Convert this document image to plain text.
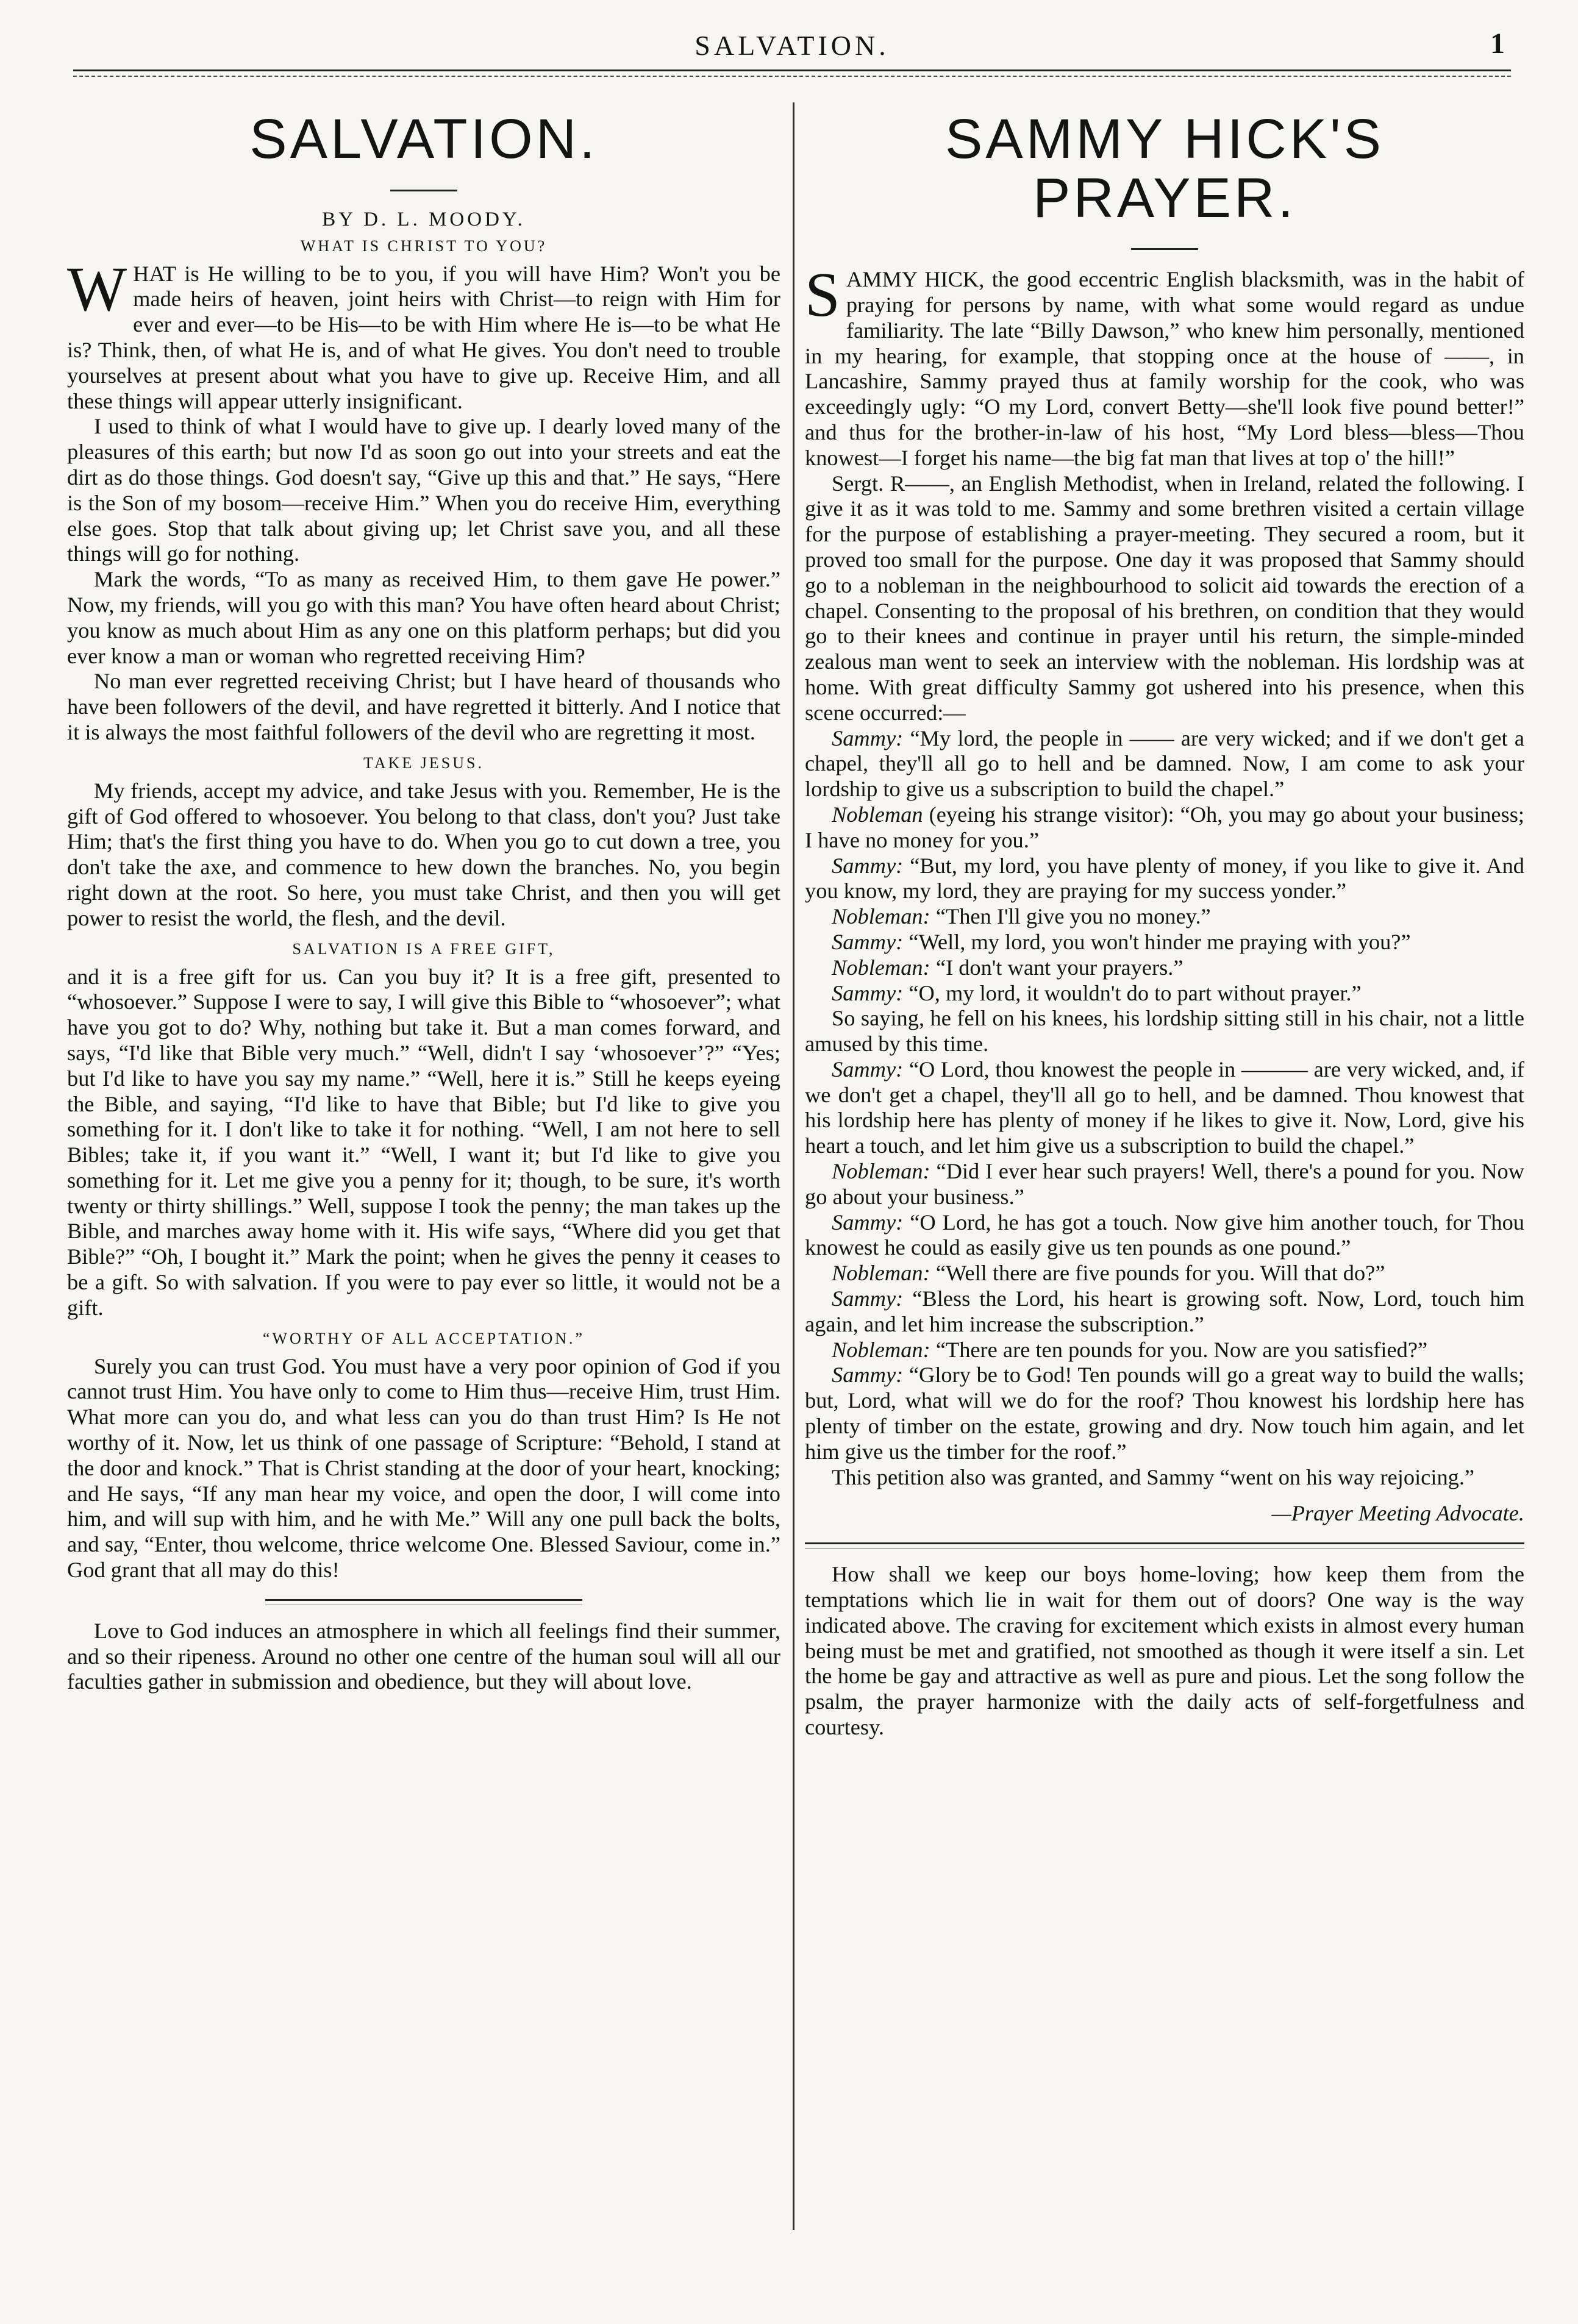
SALVATION.	1
SALVATION.
BY D. L. MOODY.
WHAT IS CHRIST TO YOU?

WHAT is He willing to be to you, if you will have Him? Won't you be made heirs of heaven, joint heirs with Christ—to reign with Him for ever and ever—to be His—to be with Him where He is—to be what He is? Think, then, of what He is, and of what He gives. You don't need to trouble yourselves at present about what you have to give up. Receive Him, and all these things will appear utterly insignificant.

I used to think of what I would have to give up. I dearly loved many of the pleasures of this earth; but now I'd as soon go out into your streets and eat the dirt as do those things. God doesn't say, “Give up this and that.” He says, “Here is the Son of my bosom—receive Him.” When you do receive Him, everything else goes. Stop that talk about giving up; let Christ save you, and all these things will go for nothing.

Mark the words, “To as many as received Him, to them gave He power.” Now, my friends, will you go with this man? You have often heard about Christ; you know as much about Him as any one on this platform perhaps; but did you ever know a man or woman who regretted receiving Him?

No man ever regretted receiving Christ; but I have heard of thousands who have been followers of the devil, and have regretted it bitterly. And I notice that it is always the most faithful followers of the devil who are regretting it most.

TAKE JESUS.

My friends, accept my advice, and take Jesus with you. Remember, He is the gift of God offered to whosoever. You belong to that class, don't you? Just take Him; that's the first thing you have to do. When you go to cut down a tree, you don't take the axe, and commence to hew down the branches. No, you begin right down at the root. So here, you must take Christ, and then you will get power to resist the world, the flesh, and the devil.

SALVATION IS A FREE GIFT,

and it is a free gift for us. Can you buy it? It is a free gift, presented to “whosoever.” Suppose I were to say, I will give this Bible to “whosoever”; what have you got to do? Why, nothing but take it. But a man comes forward, and says, “I'd like that Bible very much.” “Well, didn't I say ‘whosoever’?” “Yes; but I'd like to have you say my name.” “Well, here it is.” Still he keeps eyeing the Bible, and saying, “I'd like to have that Bible; but I'd like to give you something for it. I don't like to take it for nothing. “Well, I am not here to sell Bibles; take it, if you want it.” “Well, I want it; but I'd like to give you something for it. Let me give you a penny for it; though, to be sure, it's worth twenty or thirty shillings.” Well, suppose I took the penny; the man takes up the Bible, and marches away home with it. His wife says, “Where did you get that Bible?” “Oh, I bought it.” Mark the point; when he gives the penny it ceases to be a gift. So with salvation. If you were to pay ever so little, it would not be a gift.

“WORTHY OF ALL ACCEPTATION.”

Surely you can trust God. You must have a very poor opinion of God if you cannot trust Him. You have only to come to Him thus—receive Him, trust Him. What more can you do, and what less can you do than trust Him? Is He not worthy of it. Now, let us think of one passage of Scripture: “Behold, I stand at the door and knock.” That is Christ standing at the door of your heart, knocking; and He says, “If any man hear my voice, and open the door, I will come into him, and will sup with him, and he with Me.” Will any one pull back the bolts, and say, “Enter, thou welcome, thrice welcome One. Blessed Saviour, come in.” God grant that all may do this!

Love to God induces an atmosphere in which all feelings find their summer, and so their ripeness. Around no other one centre of the human soul will all our faculties gather in submission and obedience, but they will about love.

SAMMY HICK'S PRAYER.

SAMMY HICK, the good eccentric English blacksmith, was in the habit of praying for persons by name, with what some would regard as undue familiarity. The late “Billy Dawson,” who knew him personally, mentioned in my hearing, for example, that stopping once at the house of ——, in Lancashire, Sammy prayed thus at family worship for the cook, who was exceedingly ugly: “O my Lord, convert Betty—she'll look five pound better!” and thus for the brother-in-law of his host, “My Lord bless—bless—Thou knowest—I forget his name—the big fat man that lives at top o' the hill!”

Sergt. R——, an English Methodist, when in Ireland, related the following. I give it as it was told to me. Sammy and some brethren visited a certain village for the purpose of establishing a prayer-meeting. They secured a room, but it proved too small for the purpose. One day it was proposed that Sammy should go to a nobleman in the neighbourhood to solicit aid towards the erection of a chapel. Consenting to the proposal of his brethren, on condition that they would go to their knees and continue in prayer until his return, the simple-minded zealous man went to seek an interview with the nobleman. His lordship was at home. With great difficulty Sammy got ushered into his presence, when this scene occurred:—

Sammy: “My lord, the people in —— are very wicked; and if we don't get a chapel, they'll all go to hell and be damned. Now, I am come to ask your lordship to give us a subscription to build the chapel.”

Nobleman (eyeing his strange visitor): “Oh, you may go about your business; I have no money for you.”

Sammy: “But, my lord, you have plenty of money, if you like to give it. And you know, my lord, they are praying for my success yonder.”

Nobleman: “Then I'll give you no money.”

Sammy: “Well, my lord, you won't hinder me praying with you?”

Nobleman: “I don't want your prayers.”

Sammy: “O, my lord, it wouldn't do to part without prayer.”

So saying, he fell on his knees, his lordship sitting still in his chair, not a little amused by this time.

Sammy: “O Lord, thou knowest the people in ——— are very wicked, and, if we don't get a chapel, they'll all go to hell, and be damned. Thou knowest that his lordship here has plenty of money if he likes to give it. Now, Lord, give his heart a touch, and let him give us a subscription to build the chapel.”

Nobleman: “Did I ever hear such prayers! Well, there's a pound for you. Now go about your business.”

Sammy: “O Lord, he has got a touch. Now give him another touch, for Thou knowest he could as easily give us ten pounds as one pound.”

Nobleman: “Well there are five pounds for you. Will that do?”

Sammy: “Bless the Lord, his heart is growing soft. Now, Lord, touch him again, and let him increase the subscription.”

Nobleman: “There are ten pounds for you. Now are you satisfied?”

Sammy: “Glory be to God! Ten pounds will go a great way to build the walls; but, Lord, what will we do for the roof? Thou knowest his lordship here has plenty of timber on the estate, growing and dry. Now touch him again, and let him give us the timber for the roof.”

This petition also was granted, and Sammy “went on his way rejoicing.”

—Prayer Meeting Advocate.

How shall we keep our boys home-loving; how keep them from the temptations which lie in wait for them out of doors? One way is the way indicated above. The craving for excitement which exists in almost every human being must be met and gratified, not smoothed as though it were itself a sin. Let the home be gay and attractive as well as pure and pious. Let the song follow the psalm, the prayer harmonize with the daily acts of self-forgetfulness and courtesy.
